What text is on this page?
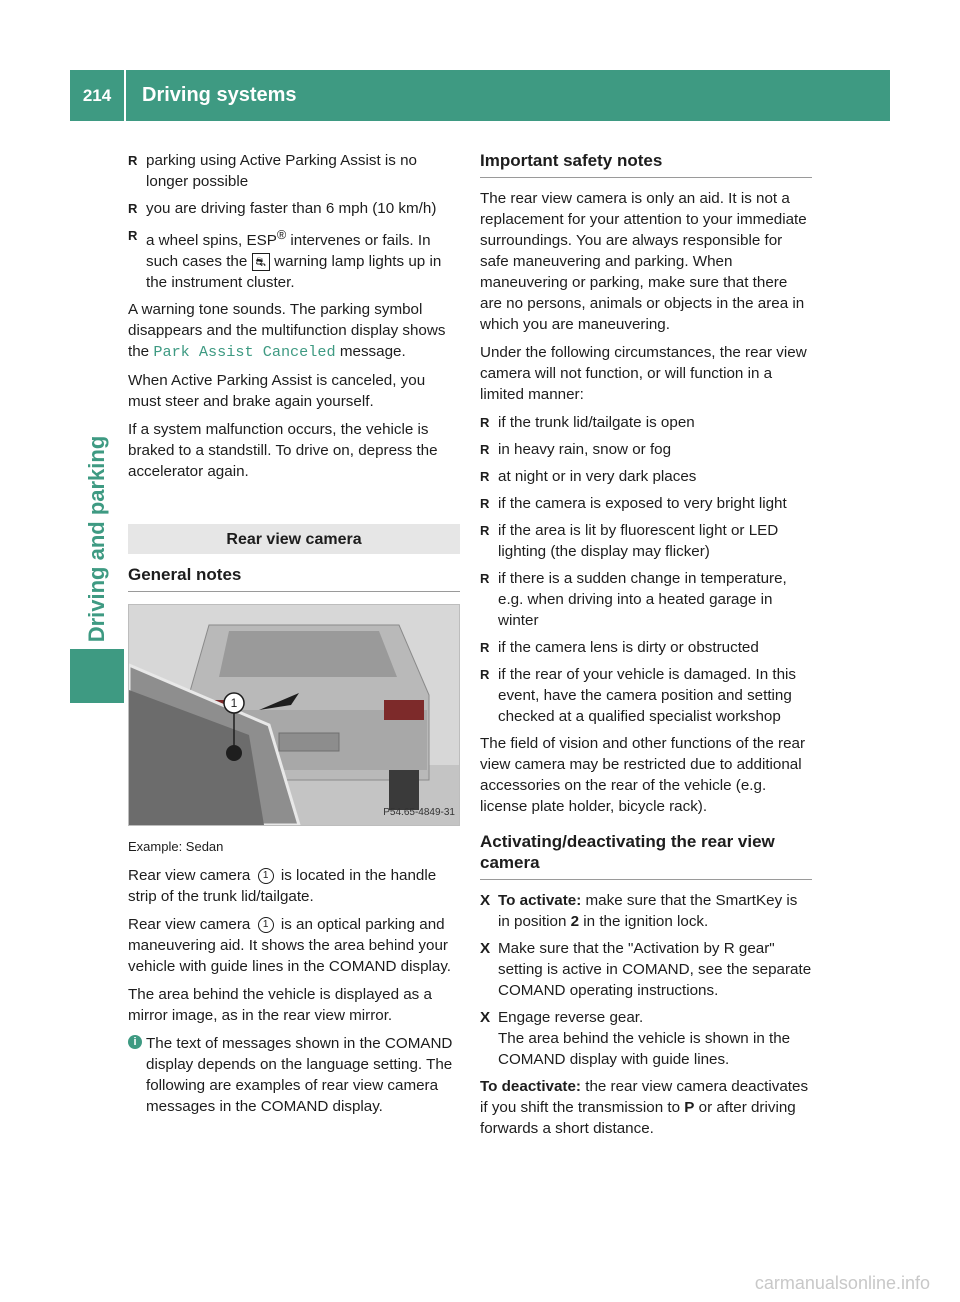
214	Driving systems
Driving and parking
R parking using Active Parking Assist is no longer possible
R you are driving faster than 6 mph (10 km/h)
R a wheel spins, ESP® intervenes or fails. In such cases the ⛐ warning lamp lights up in the instrument cluster.

A warning tone sounds. The parking symbol disappears and the multifunction display shows the Park Assist Canceled message.

When Active Parking Assist is canceled, you must steer and brake again yourself.

If a system malfunction occurs, the vehicle is braked to a standstill. To drive on, depress the accelerator again.

Rear view camera
General notes
1
P54.65-4849-31
Example: Sedan

Rear view camera 1 is located in the handle strip of the trunk lid/tailgate.

Rear view camera 1 is an optical parking and maneuvering aid. It shows the area behind your vehicle with guide lines in the COMAND display.

The area behind the vehicle is displayed as a mirror image, as in the rear view mirror.

i The text of messages shown in the COMAND display depends on the language setting. The following are examples of rear view camera messages in the COMAND display.
Important safety notes

The rear view camera is only an aid. It is not a replacement for your attention to your immediate surroundings. You are always responsible for safe maneuvering and parking. When maneuvering or parking, make sure that there are no persons, animals or objects in the area in which you are maneuvering.

Under the following circumstances, the rear view camera will not function, or will function in a limited manner:

R if the trunk lid/tailgate is open
R in heavy rain, snow or fog
R at night or in very dark places
R if the camera is exposed to very bright light
R if the area is lit by fluorescent light or LED lighting (the display may flicker)
R if there is a sudden change in temperature, e.g. when driving into a heated garage in winter
R if the camera lens is dirty or obstructed
R if the rear of your vehicle is damaged. In this event, have the camera position and setting checked at a qualified specialist workshop

The field of vision and other functions of the rear view camera may be restricted due to additional accessories on the rear of the vehicle (e.g. license plate holder, bicycle rack).

Activating/deactivating the rear view camera
X To activate: make sure that the SmartKey is in position 2 in the ignition lock.
X Make sure that the "Activation by R gear" setting is active in COMAND, see the separate COMAND operating instructions.
X Engage reverse gear.
The area behind the vehicle is shown in the COMAND display with guide lines.

To deactivate: the rear view camera deactivates if you shift the transmission to P or after driving forwards a short distance.

carmanualsonline.info
